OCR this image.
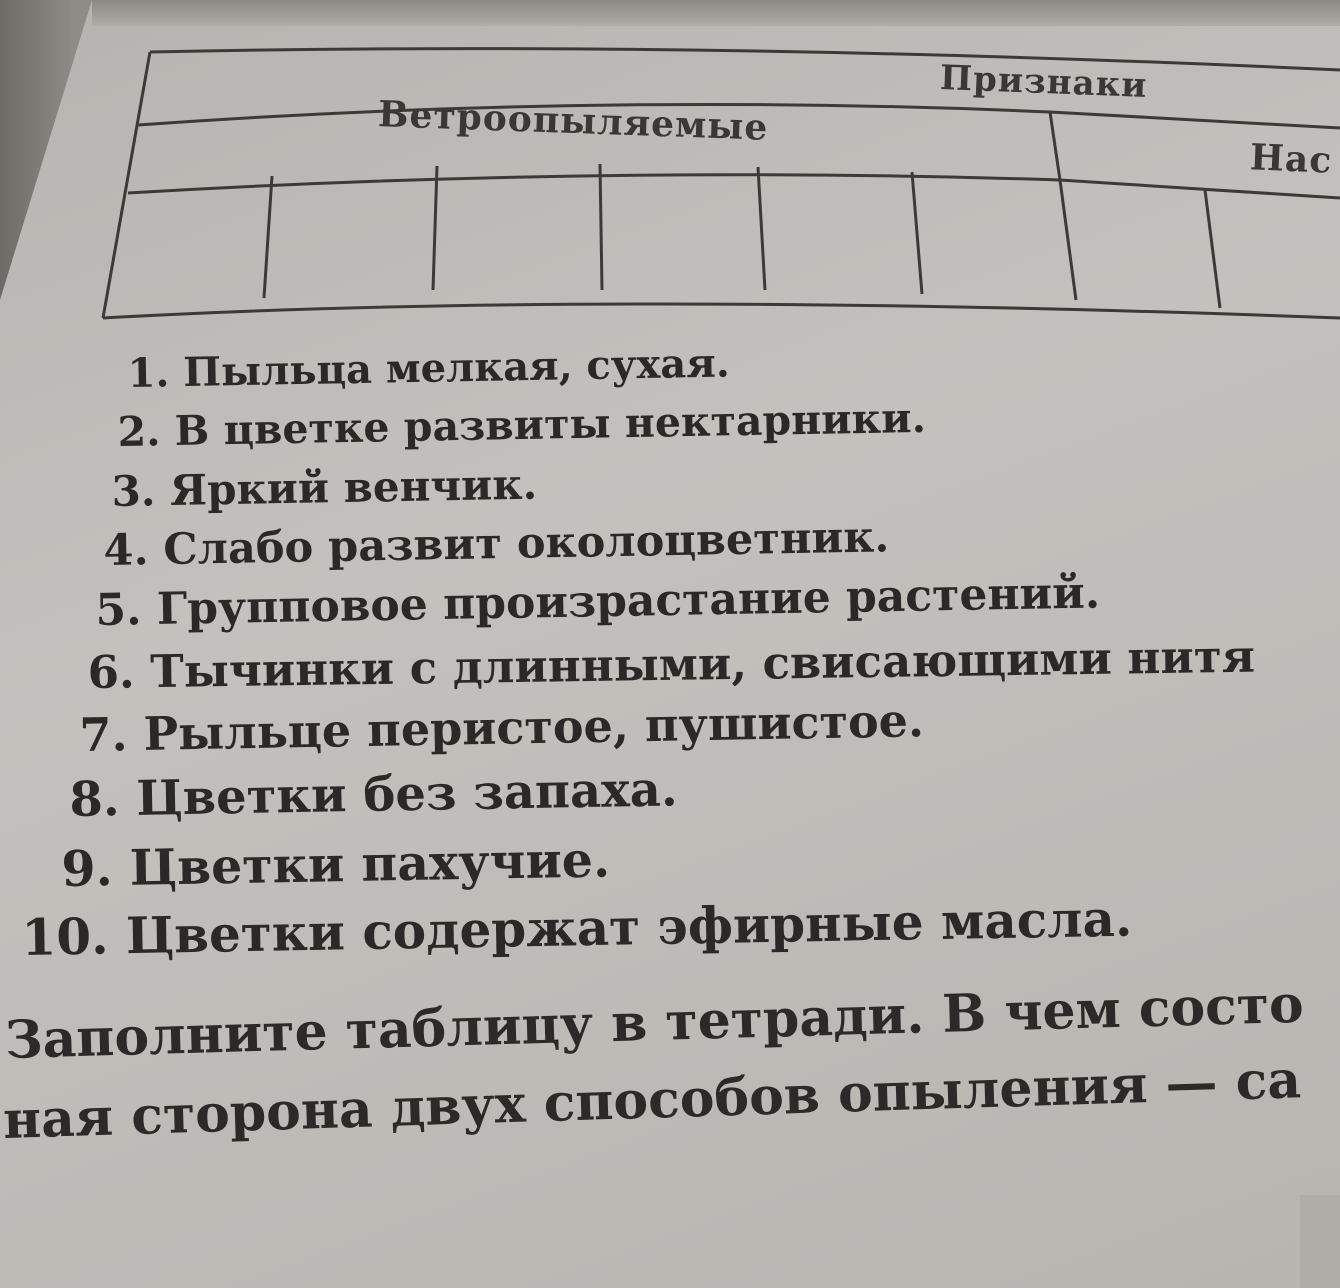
Признаки
Ветроопыляемые
Нас
1. Пыльца мелкая, сухая.
2. В цветке развиты нектарники.
3. Яркий венчик.
4. Слабо развит околоцветник.
5. Групповое произрастание растений.
6. Тычинки с длинными, свисающими нитя
7. Рыльце перистое, пушистое.
8. Цветки без запаха.
9. Цветки пахучие.
10. Цветки содержат эфирные масла.
Заполните таблицу в тетради. В чем состо
ная сторона двух способов опыления — са
